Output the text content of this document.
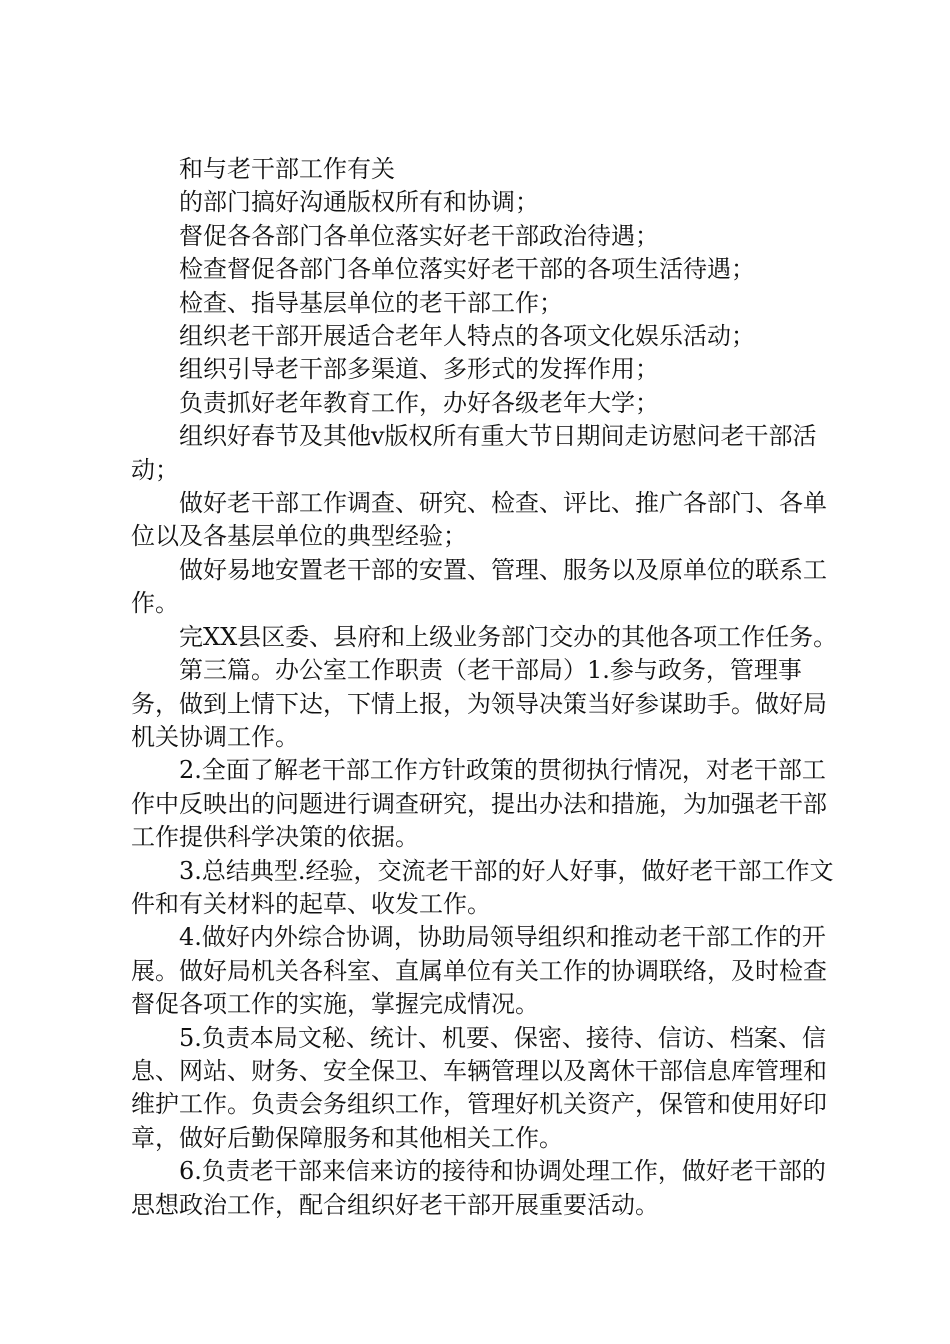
和与老干部工作有关

的部门搞好沟通版权所有和协调；

督促各各部门各单位落实好老干部政治待遇；

检查督促各部门各单位落实好老干部的各项生活待遇；

检查、指导基层单位的老干部工作；

组织老干部开展适合老年人特点的各项文化娱乐活动；

组织引导老干部多渠道、多形式的发挥作用；

负责抓好老年教育工作，办好各级老年大学；

组织好春节及其他v版权所有重大节日期间走访慰问老干部活动；

做好老干部工作调查、研究、检查、评比、推广各部门、各单位以及各基层单位的典型经验；

做好易地安置老干部的安置、管理、服务以及原单位的联系工作。

完XX县区委、县府和上级业务部门交办的其他各项工作任务。

第三篇。办公室工作职责（老干部局）1.参与政务，管理事务，做到上情下达，下情上报，为领导决策当好参谋助手。做好局机关协调工作。

2.全面了解老干部工作方针政策的贯彻执行情况，对老干部工作中反映出的问题进行调查研究，提出办法和措施，为加强老干部工作提供科学决策的依据。

3.总结典型.经验，交流老干部的好人好事，做好老干部工作文件和有关材料的起草、收发工作。

4.做好内外综合协调，协助局领导组织和推动老干部工作的开展。做好局机关各科室、直属单位有关工作的协调联络，及时检查督促各项工作的实施，掌握完成情况。

5.负责本局文秘、统计、机要、保密、接待、信访、档案、信息、网站、财务、安全保卫、车辆管理以及离休干部信息库管理和维护工作。负责会务组织工作，管理好机关资产，保管和使用好印章，做好后勤保障服务和其他相关工作。

6.负责老干部来信来访的接待和协调处理工作，做好老干部的思想政治工作，配合组织好老干部开展重要活动。
